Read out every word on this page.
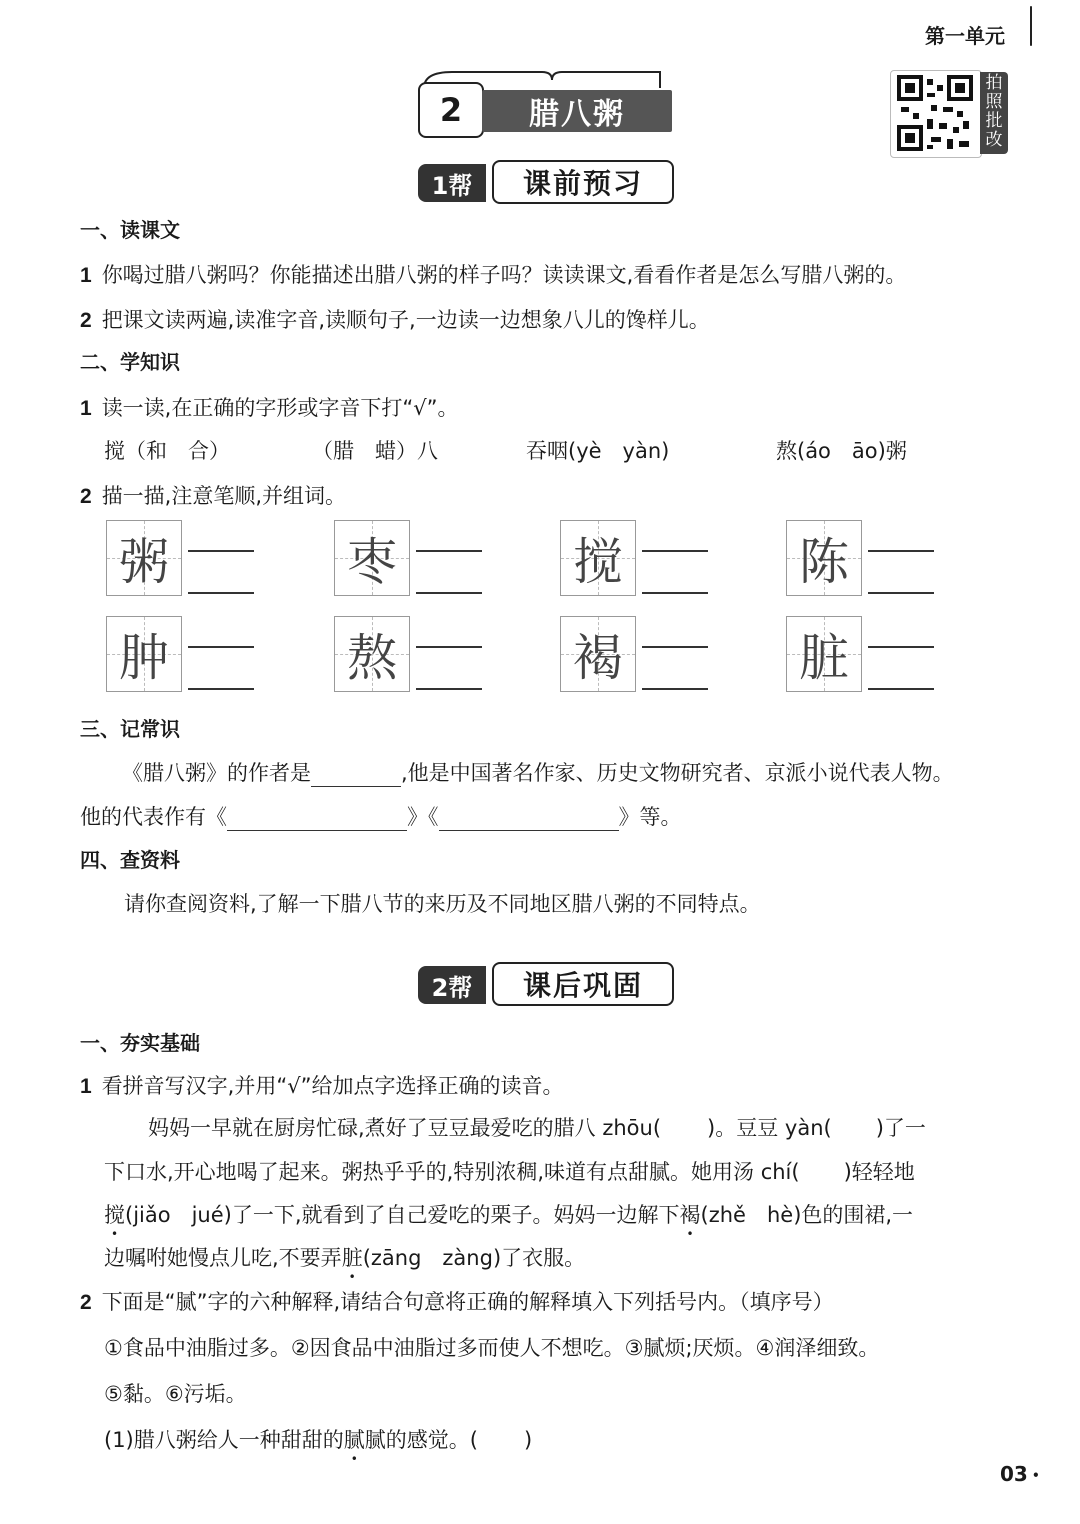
第一单元
2	腊八粥
拍照批改
1帮	课前预习
一、读课文
1 你喝过腊八粥吗？你能描述出腊八粥的样子吗？读读课文,看看作者是怎么写腊八粥的。
2 把课文读两遍,读准字音,读顺句子,一边读一边想象八儿的馋样儿。
二、学知识
1 读一读,在正确的字形或字音下打“√”。
搅（和　合）	（腊　蜡）八	吞咽(yè　yàn)	熬(áo　āo)粥
2 描一描,注意笔顺,并组词。
粥	枣	搅	陈
肿	熬	褐	脏
三、记常识
《腊八粥》的作者是	,他是中国著名作家、历史文物研究者、京派小说代表人物。
他的代表作有《	》《	》等。
四、查资料
请你查阅资料,了解一下腊八节的来历及不同地区腊八粥的不同特点。
2帮	课后巩固
一、夯实基础
1 看拼音写汉字,并用“√”给加点字选择正确的读音。
妈妈一早就在厨房忙碌,煮好了豆豆最爱吃的腊八 zhōu( )。豆豆 yàn( )了一
下口水,开心地喝了起来。粥热乎乎的,特别浓稠,味道有点甜腻。她用汤 chí( )轻轻地
搅(jiǎo　jué)了一下,就看到了自己爱吃的栗子。妈妈一边解下褐(zhě　hè)色的围裙,一
边嘱咐她慢点儿吃,不要弄脏(zāng　zàng)了衣服。
2 下面是“腻”字的六种解释,请结合句意将正确的解释填入下列括号内。（填序号）
①食品中油脂过多。②因食品中油脂过多而使人不想吃。③腻烦;厌烦。④润泽细致。
⑤黏。⑥污垢。
(1)腊八粥给人一种甜甜的腻腻的感觉。( )
03 •
